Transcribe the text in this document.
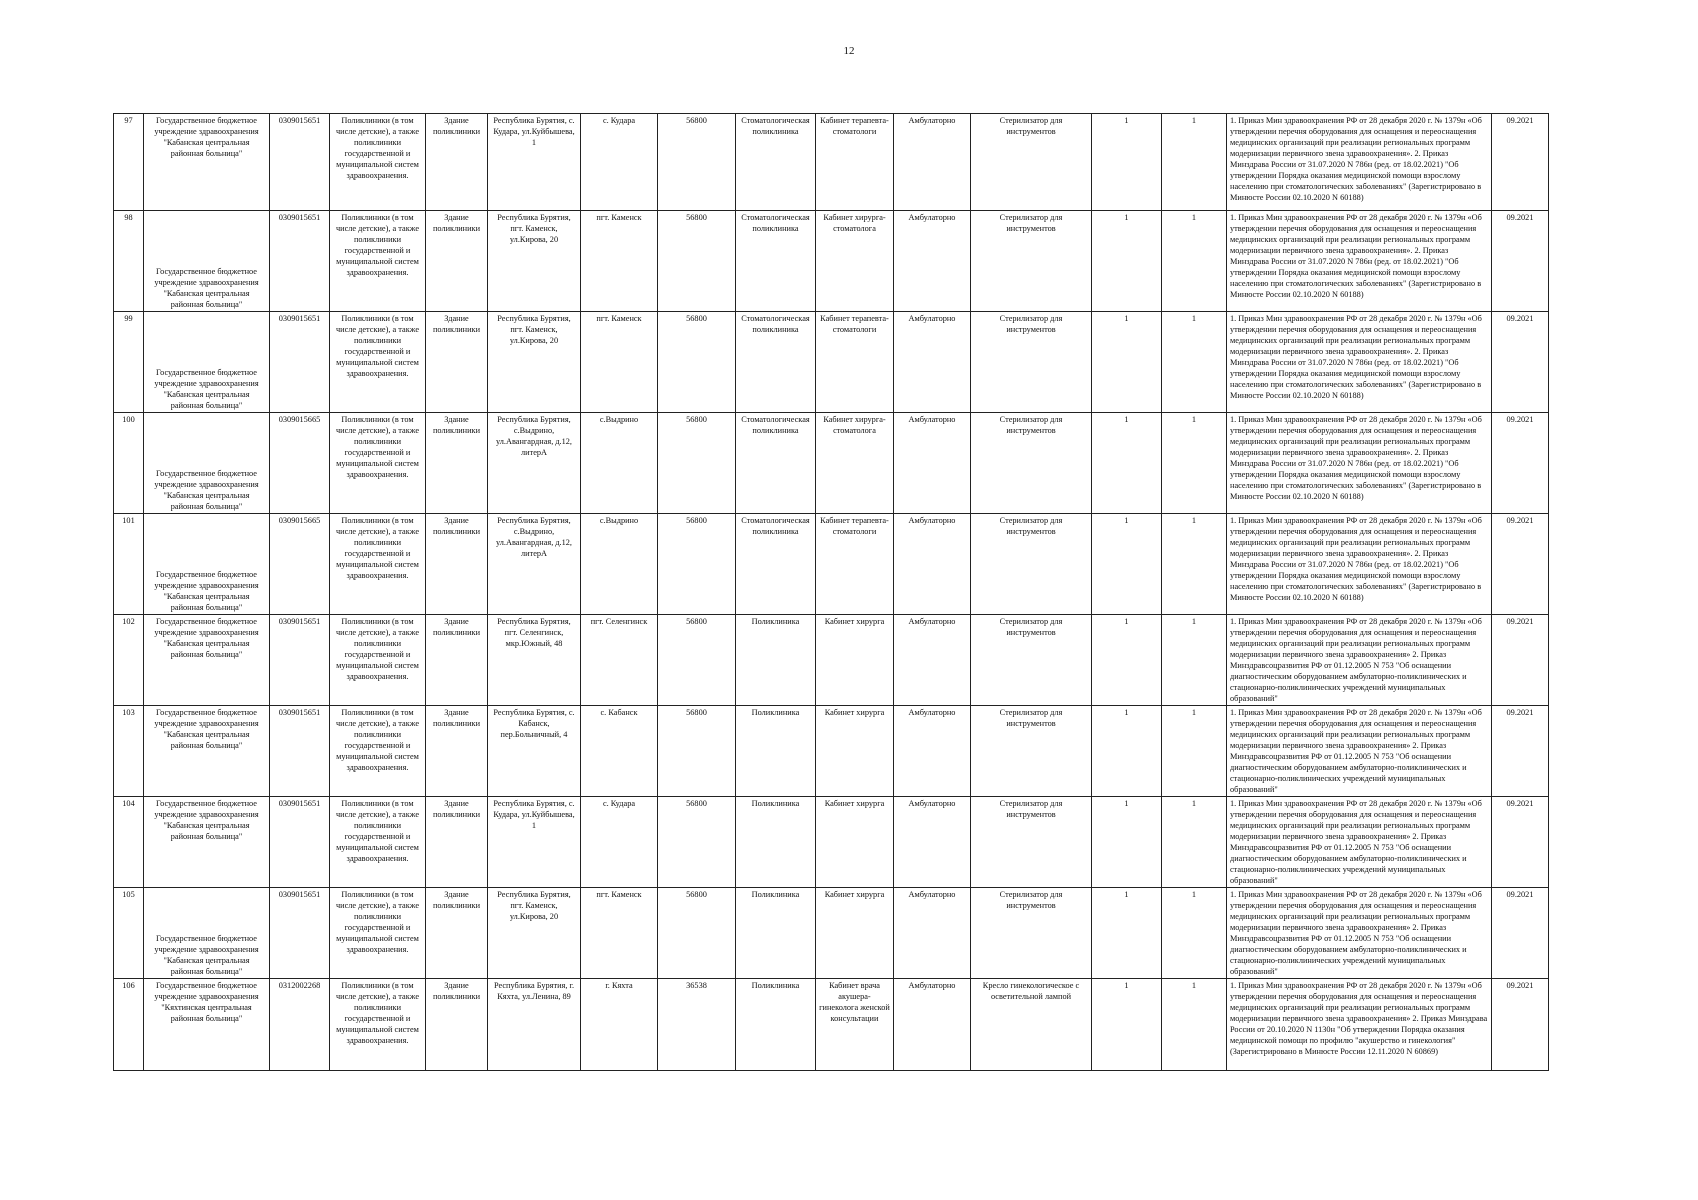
12
97	Государственное бюджетное учреждение здравоохранения "Кабанская центральная районная больница"	0309015651	Поликлиники (в том числе детские), а также поликлиники государственной и муниципальной систем здравоохранения.	Здание поликлиники	Республика Бурятия, с. Кудара, ул.Куйбышева, 1	с. Кудара	56800	Стоматологическая поликлиника	Кабинет терапевта-стоматологи	Амбулаторно	Стерилизатор для инструментов	1	1	1. Приказ Мин здравоохранения РФ от 28 декабря 2020 г. № 1379н «Об утверждении перечня оборудования для оснащения и переоснащения медицинских организаций при реализации региональных программ модернизации первичного звена здравоохранения». 2. Приказ Минздрава России от 31.07.2020 N 786н (ред. от 18.02.2021) "Об утверждении Порядка оказания медицинской помощи взрослому населению при стоматологических заболеваниях" (Зарегистрировано в Минюсте России 02.10.2020 N 60188)	09.2021
98	Государственное бюджетное учреждение здравоохранения "Кабанская центральная районная больница"	0309015651	Поликлиники (в том числе детские), а также поликлиники государственной и муниципальной систем здравоохранения.	Здание поликлиники	Республика Бурятия, пгт. Каменск, ул.Кирова, 20	пгт. Каменск	56800	Стоматологическая поликлиника	Кабинет хирурга-стоматолога	Амбулаторно	Стерилизатор для инструментов	1	1	1. Приказ Мин здравоохранения РФ от 28 декабря 2020 г. № 1379н «Об утверждении перечня оборудования для оснащения и переоснащения медицинских организаций при реализации региональных программ модернизации первичного звена здравоохранения». 2. Приказ Минздрава России от 31.07.2020 N 786н (ред. от 18.02.2021) "Об утверждении Порядка оказания медицинской помощи взрослому населению при стоматологических заболеваниях" (Зарегистрировано в Минюсте России 02.10.2020 N 60188)	09.2021
99	Государственное бюджетное учреждение здравоохранения "Кабанская центральная районная больница"	0309015651	Поликлиники (в том числе детские), а также поликлиники государственной и муниципальной систем здравоохранения.	Здание поликлиники	Республика Бурятия, пгт. Каменск, ул.Кирова, 20	пгт. Каменск	56800	Стоматологическая поликлиника	Кабинет терапевта-стоматологи	Амбулаторно	Стерилизатор для инструментов	1	1	1. Приказ Мин здравоохранения РФ от 28 декабря 2020 г. № 1379н «Об утверждении перечня оборудования для оснащения и переоснащения медицинских организаций при реализации региональных программ модернизации первичного звена здравоохранения». 2. Приказ Минздрава России от 31.07.2020 N 786н (ред. от 18.02.2021) "Об утверждении Порядка оказания медицинской помощи взрослому населению при стоматологических заболеваниях" (Зарегистрировано в Минюсте России 02.10.2020 N 60188)	09.2021
100	Государственное бюджетное учреждение здравоохранения "Кабанская центральная районная больница"	0309015665	Поликлиники (в том числе детские), а также поликлиники государственной и муниципальной систем здравоохранения.	Здание поликлиники	Республика Бурятия, с.Выдрино, ул.Авангардная, д.12, литерА	с.Выдрино	56800	Стоматологическая поликлиника	Кабинет хирурга-стоматолога	Амбулаторно	Стерилизатор для инструментов	1	1	1. Приказ Мин здравоохранения РФ от 28 декабря 2020 г. № 1379н «Об утверждении перечня оборудования для оснащения и переоснащения медицинских организаций при реализации региональных программ модернизации первичного звена здравоохранения». 2. Приказ Минздрава России от 31.07.2020 N 786н (ред. от 18.02.2021) "Об утверждении Порядка оказания медицинской помощи взрослому населению при стоматологических заболеваниях" (Зарегистрировано в Минюсте России 02.10.2020 N 60188)	09.2021
101	Государственное бюджетное учреждение здравоохранения "Кабанская центральная районная больница"	0309015665	Поликлиники (в том числе детские), а также поликлиники государственной и муниципальной систем здравоохранения.	Здание поликлиники	Республика Бурятия, с.Выдрино, ул.Авангардная, д.12, литерА	с.Выдрино	56800	Стоматологическая поликлиника	Кабинет терапевта-стоматологи	Амбулаторно	Стерилизатор для инструментов	1	1	1. Приказ Мин здравоохранения РФ от 28 декабря 2020 г. № 1379н «Об утверждении перечня оборудования для оснащения и переоснащения медицинских организаций при реализации региональных программ модернизации первичного звена здравоохранения». 2. Приказ Минздрава России от 31.07.2020 N 786н (ред. от 18.02.2021) "Об утверждении Порядка оказания медицинской помощи взрослому населению при стоматологических заболеваниях" (Зарегистрировано в Минюсте России 02.10.2020 N 60188)	09.2021
102	Государственное бюджетное учреждение здравоохранения "Кабанская центральная районная больница"	0309015651	Поликлиники (в том числе детские), а также поликлиники государственной и муниципальной систем здравоохранения.	Здание поликлиники	Республика Бурятия, пгт. Селенгинск, мкр.Южный, 48	пгт. Селенгинск	56800	Поликлиника	Кабинет хирурга	Амбулаторно	Стерилизатор для инструментов	1	1	1. Приказ Мин здравоохранения РФ от 28 декабря 2020 г. № 1379н «Об утверждении перечня оборудования для оснащения и переоснащения медицинских организаций при реализации региональных программ модернизации первичного звена здравоохранения» 2. Приказ Минздравсоцразвития РФ от 01.12.2005 N 753 "Об оснащении диагностическим оборудованием амбулаторно-поликлинических и стационарно-поликлинических учреждений муниципальных образований"	09.2021
103	Государственное бюджетное учреждение здравоохранения "Кабанская центральная районная больница"	0309015651	Поликлиники (в том числе детские), а также поликлиники государственной и муниципальной систем здравоохранения.	Здание поликлиники	Республика Бурятия, с. Кабанск, пер.Больничный, 4	с. Кабанск	56800	Поликлиника	Кабинет хирурга	Амбулаторно	Стерилизатор для инструментов	1	1	1. Приказ Мин здравоохранения РФ от 28 декабря 2020 г. № 1379н «Об утверждении перечня оборудования для оснащения и переоснащения медицинских организаций при реализации региональных программ модернизации первичного звена здравоохранения» 2. Приказ Минздравсоцразвития РФ от 01.12.2005 N 753 "Об оснащении диагностическим оборудованием амбулаторно-поликлинических и стационарно-поликлинических учреждений муниципальных образований"	09.2021
104	Государственное бюджетное учреждение здравоохранения "Кабанская центральная районная больница"	0309015651	Поликлиники (в том числе детские), а также поликлиники государственной и муниципальной систем здравоохранения.	Здание поликлиники	Республика Бурятия, с. Кудара, ул.Куйбышева, 1	с. Кудара	56800	Поликлиника	Кабинет хирурга	Амбулаторно	Стерилизатор для инструментов	1	1	1. Приказ Мин здравоохранения РФ от 28 декабря 2020 г. № 1379н «Об утверждении перечня оборудования для оснащения и переоснащения медицинских организаций при реализации региональных программ модернизации первичного звена здравоохранения» 2. Приказ Минздравсоцразвития РФ от 01.12.2005 N 753 "Об оснащении диагностическим оборудованием амбулаторно-поликлинических и стационарно-поликлинических учреждений муниципальных образований"	09.2021
105	Государственное бюджетное учреждение здравоохранения "Кабанская центральная районная больница"	0309015651	Поликлиники (в том числе детские), а также поликлиники государственной и муниципальной систем здравоохранения.	Здание поликлиники	Республика Бурятия, пгт. Каменск, ул.Кирова, 20	пгт. Каменск	56800	Поликлиника	Кабинет хирурга	Амбулаторно	Стерилизатор для инструментов	1	1	1. Приказ Мин здравоохранения РФ от 28 декабря 2020 г. № 1379н «Об утверждении перечня оборудования для оснащения и переоснащения медицинских организаций при реализации региональных программ модернизации первичного звена здравоохранения» 2. Приказ Минздравсоцразвития РФ от 01.12.2005 N 753 "Об оснащении диагностическим оборудованием амбулаторно-поликлинических и стационарно-поликлинических учреждений муниципальных образований"	09.2021
106	Государственное бюджетное учреждение здравоохранения "Кяхтинская центральная районная больница"	0312002268	Поликлиники (в том числе детские), а также поликлиники государственной и муниципальной систем здравоохранения.	Здание поликлиники	Республика Бурятия, г. Кяхта, ул.Ленина, 89	г. Кяхта	36538	Поликлиника	Кабинет врача акушера-гинеколога женской консультации	Амбулаторно	Кресло гинекологическое с осветительной лампой	1	1	1. Приказ Мин здравоохранения РФ от 28 декабря 2020 г. № 1379н «Об утверждении перечня оборудования для оснащения и переоснащения медицинских организаций при реализации региональных программ модернизации первичного звена здравоохранения» 2. Приказ Минздрава России от 20.10.2020 N 1130н "Об утверждении Порядка оказания медицинской помощи по профилю "акушерство и гинекология" (Зарегистрировано в Минюсте России 12.11.2020 N 60869)	09.2021
